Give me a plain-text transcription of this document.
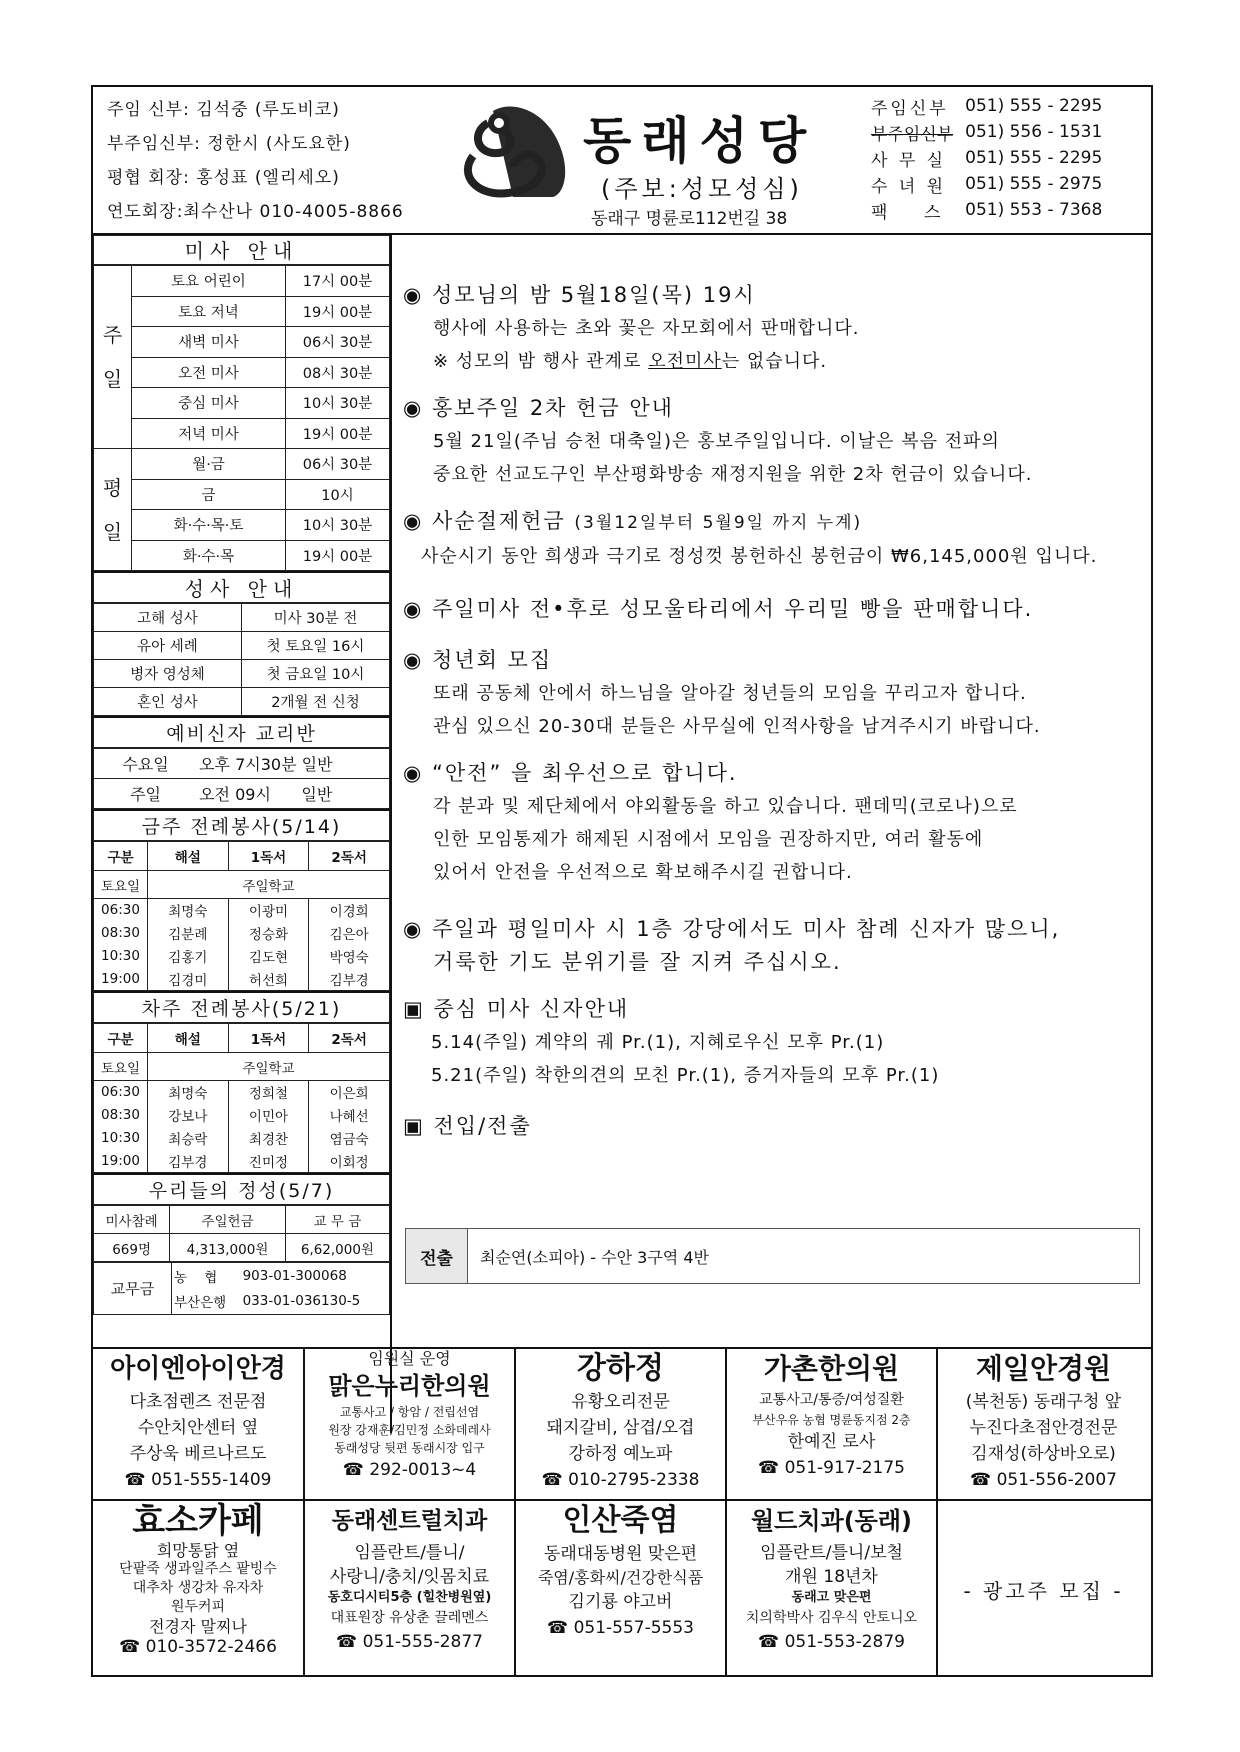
주임 신부: 김석중 (루도비코)
부주임신부: 정한시 (사도요한)
평협 회장: 홍성표 (엘리세오)
연도회장:최수산나 010-4005-8866
동래성당
(주보:성모성심)
동래구 명륜로112번길 38
주임신부	051) 555 - 2295
부주임신부	051) 556 - 1531
사 무 실	051) 555 - 2295
수 녀 원	051) 555 - 2975
팩    스	051) 553 - 7368
미사 안내
주

일	토요 어린이	17시 00분
	토요 저녁	19시 00분
	새벽 미사	06시 30분
	오전 미사	08시 30분
	중심 미사	10시 30분
	저녁 미사	19시 00분
평

일	월·금	06시 30분
	금	10시
	화·수·목·토	10시 30분
	화·수·목	19시 00분
성사 안내
고해 성사	미사 30분 전
유아 세례	첫 토요일 16시
병자 영성체	첫 금요일 10시
혼인 성사	2개월 전 신청
예비신자 교리반
수요일	오후 7시30분 일반
주일	오전 09시      일반
금주 전례봉사(5/14)
구분	해설	1독서	2독서
토요일	주일학교		
06:30	최명숙	이광미	이경희
08:30	김분례	정승화	김은아
10:30	김홍기	김도현	박영숙
19:00	김경미	허선희	김부경
차주 전례봉사(5/21)
구분	해설	1독서	2독서
토요일	주일학교		
06:30	최명숙	정희철	이은희
08:30	강보나	이민아	나혜선
10:30	최승락	최경찬	염금숙
19:00	김부경	진미정	이회정
우리들의 정성(5/7)
미사참례	주일헌금	교 무 금
669명	4,313,000원	6,62,000원
교무금	농    협	903-01-300068
	부산은행	033-01-036130-5

◉ 성모님의 밤 5월18일(목) 19시

행사에 사용하는 초와 꽃은 자모회에서 판매합니다.

※ 성모의 밤 행사 관계로 오전미사는 없습니다.

◉ 홍보주일 2차 헌금 안내

5월 21일(주님 승천 대축일)은 홍보주일입니다. 이날은 복음 전파의

중요한 선교도구인 부산평화방송 재정지원을 위한 2차 헌금이 있습니다.

◉ 사순절제헌금 (3월12일부터 5월9일 까지 누계)

사순시기 동안 희생과 극기로 정성껏 봉헌하신 봉헌금이 ₩6,145,000원 입니다.

◉ 주일미사 전•후로 성모울타리에서 우리밀 빵을 판매합니다.

◉ 청년회 모집

또래 공동체 안에서 하느님을 알아갈 청년들의 모임을 꾸리고자 합니다.

관심 있으신 20-30대 분들은 사무실에 인적사항을 남겨주시기 바랍니다.

◉ “안전” 을 최우선으로 합니다.

각 분과 및 제단체에서 야외활동을 하고 있습니다. 팬데믹(코로나)으로

인한 모임통제가 해제된 시점에서 모임을 권장하지만, 여러 활동에

있어서 안전을 우선적으로 확보해주시길 권합니다.

◉ 주일과 평일미사 시 1층 강당에서도 미사 참례 신자가 많으니,

거룩한 기도 분위기를 잘 지켜 주십시오.

▣ 중심 미사 신자안내

5.14(주일) 계약의 궤 Pr.(1), 지혜로우신 모후 Pr.(1)

5.21(주일) 착한의견의 모친 Pr.(1), 증거자들의 모후 Pr.(1)

▣ 전입/전출

전출	최순연(소피아) - 수안 3구역 4반
아이엔아이안경
다초점렌즈 전문점
수안치안센터 옆
주상욱 베르나르도
☎ 051-555-1409
임원실 운영
맑은누리한의원
교통사고 / 항암 / 전립선염
원장 강재훈/김민정 소화데레사
동래성당 뒷편 동래시장 입구
☎ 292-0013~4
강하정
유황오리전문
돼지갈비, 삼겹/오겹
강하정 예노파
☎ 010-2795-2338
가촌한의원
교통사고/통증/여성질환
부산우유 농협 명륜동지점 2층
한예진 로사
☎ 051-917-2175
제일안경원
(복천동) 동래구청 앞
누진다초점안경전문
김재성(하상바오로)
☎ 051-556-2007
효소카페
희망통닭 옆
단팥죽 생과일주스 팥빙수
대추차 생강차 유자차
원두커피
전경자 말찌나
☎ 010-3572-2466
동래센트럴치과
임플란트/틀니/
사랑니/충치/잇몸치료
동호디시티5층 (힐찬병원옆)
대표원장 유상춘 끌레멘스
☎ 051-555-2877
인산죽염
동래대동병원 맞은편
죽염/홍화씨/건강한식품
김기룡 야고버
☎ 051-557-5553
월드치과(동래)
임플란트/틀니/보철
개원 18년차
동래고 맞은편
치의학박사 김우식 안토니오
☎ 051-553-2879
- 광고주 모집 -
